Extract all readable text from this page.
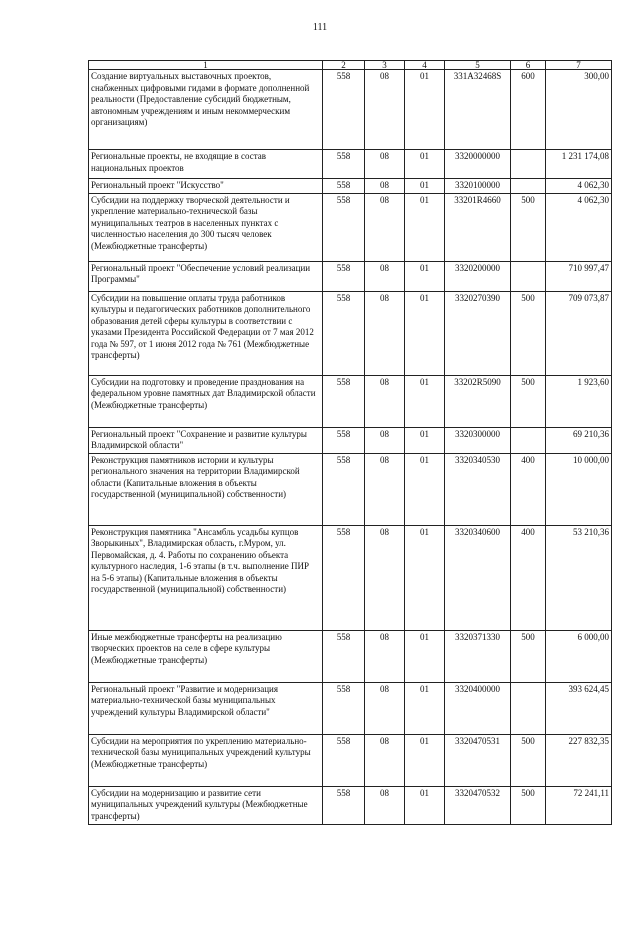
111
1	2	3	4	5	6	7
Создание виртуальных выставочных проектов, снабженных цифровыми гидами в формате дополненной реальности (Предоставление субсидий бюджетным, автономным учреждениям и иным некоммерческим организациям)	558	08	01	331A32468S	600	300,00
Региональные проекты, не входящие в состав национальных проектов	558	08	01	3320000000		1 231 174,08
Региональный проект "Искусство"	558	08	01	3320100000		4 062,30
Субсидии на поддержку творческой деятельности и укрепление материально-технической базы муниципальных театров в населенных пунктах с численностью населения до 300 тысяч человек (Межбюджетные трансферты)	558	08	01	33201R4660	500	4 062,30
Региональный проект "Обеспечение условий реализации Программы"	558	08	01	3320200000		710 997,47
Субсидии на повышение оплаты труда работников культуры и педагогических работников дополнительного образования детей сферы культуры в соответствии с указами Президента Российской Федерации от 7 мая 2012 года № 597, от 1 июня 2012 года № 761 (Межбюджетные трансферты)	558	08	01	3320270390	500	709 073,87
Субсидии на подготовку и проведение празднования на федеральном уровне памятных дат Владимирской области (Межбюджетные трансферты)	558	08	01	33202R5090	500	1 923,60
Региональный проект "Сохранение и развитие культуры Владимирской области"	558	08	01	3320300000		69 210,36
Реконструкция памятников истории и культуры регионального значения на территории Владимирской области (Капитальные вложения в объекты государственной (муниципальной) собственности)	558	08	01	3320340530	400	10 000,00
Реконструкция памятника "Ансамбль усадьбы купцов Зворыкиных", Владимирская область, г.Муром, ул. Первомайская, д. 4. Работы по сохранению объекта культурного наследия, 1-6 этапы (в т.ч. выполнение ПИР на 5-6 этапы) (Капитальные вложения в объекты государственной (муниципальной) собственности)	558	08	01	3320340600	400	53 210,36
Иные межбюджетные трансферты на реализацию творческих проектов на селе в сфере культуры (Межбюджетные трансферты)	558	08	01	3320371330	500	6 000,00
Региональный проект "Развитие и модернизация материально-технической базы муниципальных учреждений культуры Владимирской области"	558	08	01	3320400000		393 624,45
Субсидии на мероприятия по укреплению материально-технической базы муниципальных учреждений культуры (Межбюджетные трансферты)	558	08	01	3320470531	500	227 832,35
Субсидии на модернизацию и развитие сети муниципальных учреждений культуры (Межбюджетные трансферты)	558	08	01	3320470532	500	72 241,11
